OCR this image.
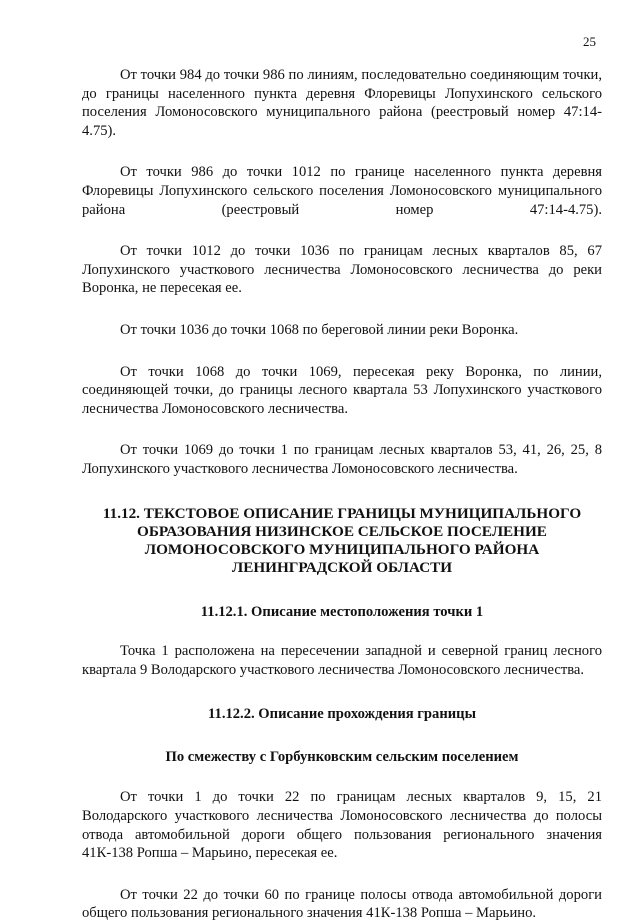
25

От точки 984 до точки 986 по линиям, последовательно соединяющим точки, до границы населенного пункта деревня Флоревицы Лопухинского сельского поселения Ломоносовского муниципального района (реестровый номер 47:14-4.75).

От точки 986 до точки 1012 по границе населенного пункта деревня Флоревицы Лопухинского сельского поселения Ломоносовского муниципального района (реестровый номер 47:14-4.75).

От точки 1012 до точки 1036 по границам лесных кварталов 85, 67 Лопухинского участкового лесничества Ломоносовского лесничества до реки Воронка, не пересекая ее.

От точки 1036 до точки 1068 по береговой линии реки Воронка.

От точки 1068 до точки 1069, пересекая реку Воронка, по линии, соединяющей точки, до границы лесного квартала 53 Лопухинского участкового лесничества Ломоносовского лесничества.

От точки 1069 до точки 1 по границам лесных кварталов 53, 41, 26, 25, 8 Лопухинского участкового лесничества Ломоносовского лесничества.

11.12. ТЕКСТОВОЕ ОПИСАНИЕ ГРАНИЦЫ МУНИЦИПАЛЬНОГО
ОБРАЗОВАНИЯ НИЗИНСКОЕ СЕЛЬСКОЕ ПОСЕЛЕНИЕ
ЛОМОНОСОВСКОГО МУНИЦИПАЛЬНОГО РАЙОНА
ЛЕНИНГРАДСКОЙ ОБЛАСТИ
11.12.1. Описание местоположения точки 1

Точка 1 расположена на пересечении западной и северной границ лесного квартала 9 Володарского участкового лесничества Ломоносовского лесничества.

11.12.2. Описание прохождения границы
По смежеству с Горбунковским сельским поселением

От точки 1 до точки 22 по границам лесных кварталов 9, 15, 21 Володарского участкового лесничества Ломоносовского лесничества до полосы отвода автомобильной дороги общего пользования регионального значения 41К-138 Ропша – Марьино, пересекая ее.

От точки 22 до точки 60 по границе полосы отвода автомобильной дороги общего пользования регионального значения 41К-138 Ропша – Марьино.
